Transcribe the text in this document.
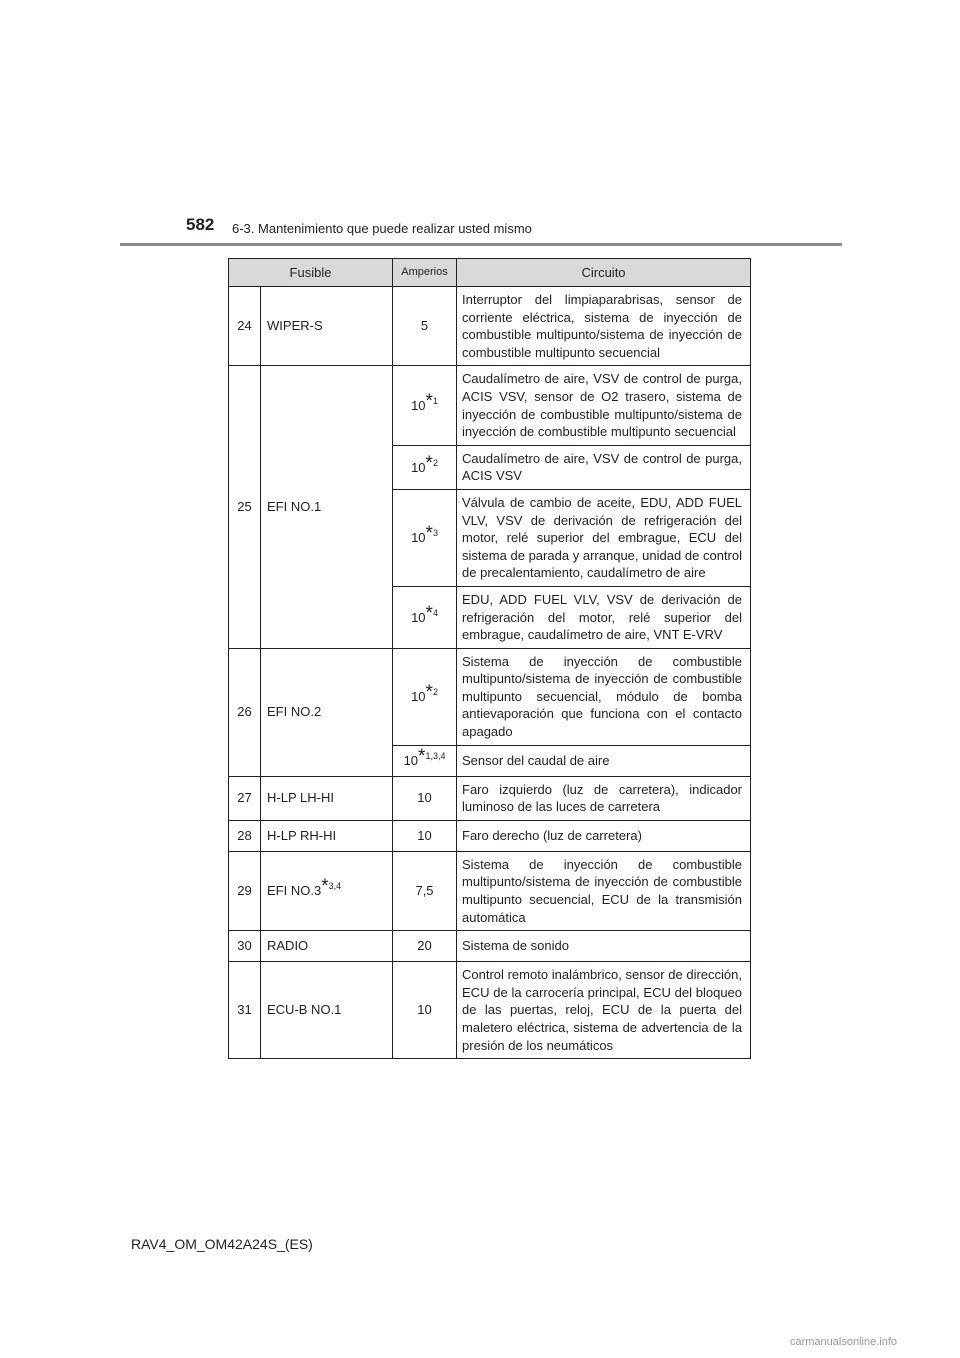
582 6-3. Mantenimiento que puede realizar usted mismo
Fusible		Amperios	Circuito
24	WIPER-S	5	Interruptor del limpiaparabrisas, sensor de corriente eléctrica, sistema de inyección de combustible multipunto/sistema de inyección de combustible multipunto secuencial
25	EFI NO.1	10*$^1$	Caudalímetro de aire, VSV de control de purga, ACIS VSV, sensor de O2 trasero, sistema de inyección de combustible multipunto/sistema de inyección de combustible multipunto secuencial
		10*$^2$	Caudalímetro de aire, VSV de control de purga, ACIS VSV
		10*$^3$	Válvula de cambio de aceite, EDU, ADD FUEL VLV, VSV de derivación de refrigeración del motor, relé superior del embrague, ECU del sistema de parada y arranque, unidad de control de precalentamiento, caudalímetro de aire
		10*$^4$	EDU, ADD FUEL VLV, VSV de derivación de refrigeración del motor, relé superior del embrague, caudalímetro de aire, VNT E-VRV
26	EFI NO.2	10*$^2$	Sistema de inyección de combustible multipunto/sistema de inyección de combustible multipunto secuencial, módulo de bomba antievaporación que funciona con el contacto apagado
		10*$^{1,3,4}$	Sensor del caudal de aire
27	H-LP LH-HI	10	Faro izquierdo (luz de carretera), indicador luminoso de las luces de carretera
28	H-LP RH-HI	10	Faro derecho (luz de carretera)
29	EFI NO.3*$^{3,4}$	7,5	Sistema de inyección de combustible multipunto/sistema de inyección de combustible multipunto secuencial, ECU de la transmisión automática
30	RADIO	20	Sistema de sonido
31	ECU-B NO.1	10	Control remoto inalámbrico, sensor de dirección, ECU de la carrocería principal, ECU del bloqueo de las puertas, reloj, ECU de la puerta del maletero eléctrica, sistema de advertencia de la presión de los neumáticos
RAV4_OM_OM42A24S_(ES)
carmanualsonline.info
